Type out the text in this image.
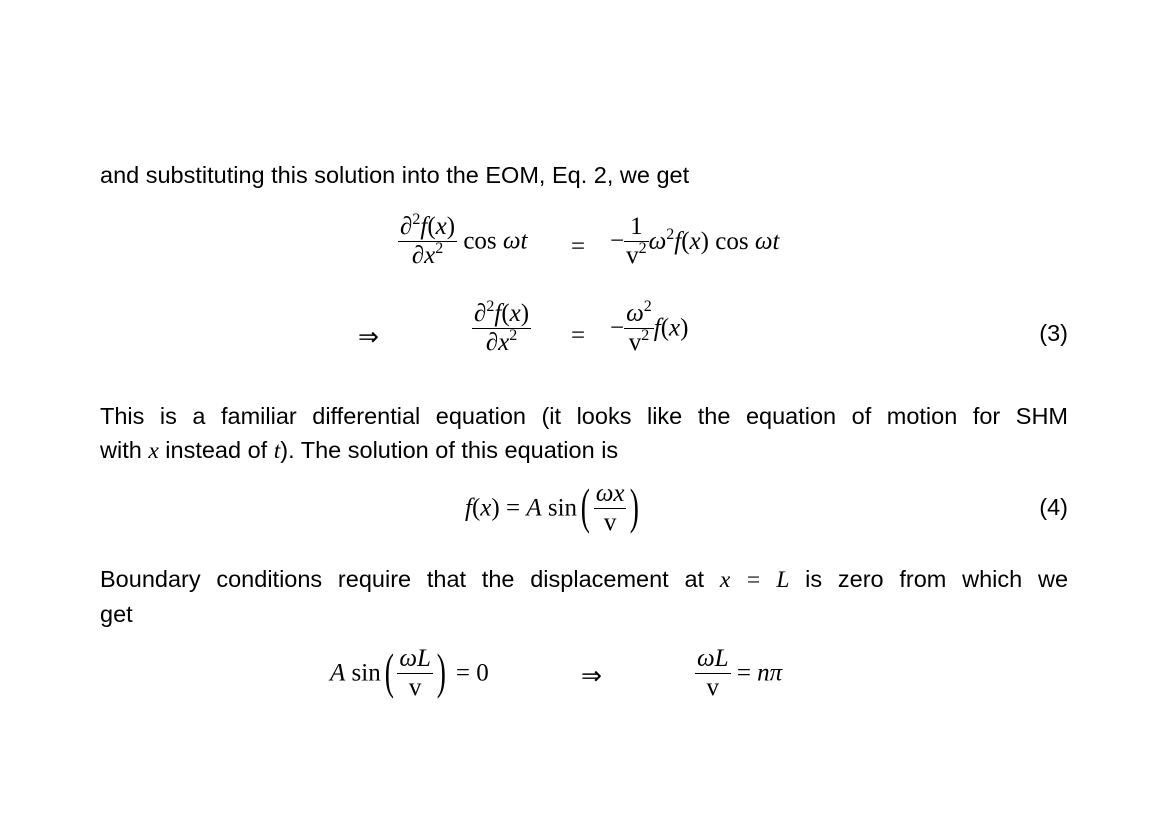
and substituting this solution into the EOM, Eq. 2, we get
$\frac{\partial^2f(x)}{\partial x^2}$ cos ωt = − $\frac{1}{v^2} \omega^2f(x)$ cos ωt
⇒	$\frac{\partial^2f(x)}{\partial x^2}$ = − $\frac{\omega^2}{v^2} f(x)$	(3)
This is a familiar differential equation (it looks like the equation of motion for SHM
with x instead of t). The solution of this equation is
f(x) = A $\sin( \frac{\omega x}{v}$ )	(4)
Boundary conditions require that the displacement at x = L is zero from which we
get
A $\sin( \frac{\omega L}{v}$ ) = 0	⇒	$\frac{\omega L}{v} = n\pi$
